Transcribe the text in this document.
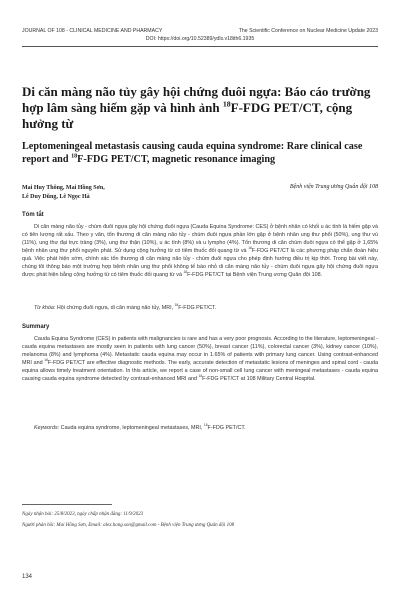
JOURNAL OF 108 - CLINICAL MEDICINE AND PHARMACY	The Scientific Conference on Nuclear Medicine Update 2023
DOI: https://doi.org/10.52389/ydls.v18ith6.1935
Di căn màng não tủy gây hội chứng đuôi ngựa: Báo cáo trường hợp lâm sàng hiếm gặp và hình ảnh $^{18}$F-FDG PET/CT, cộng hưởng từ
Leptomeningeal metastasis causing cauda equina syndrome: Rare clinical case report and $^{18}$F-FDG PET/CT, magnetic resonance imaging
Mai Huy Thông, Mai Hồng Sơn,
Lê Duy Dũng, Lê Ngọc Hà
Bệnh viện Trung ương Quân đội 108
Tóm tắt
Di căn màng não tủy - chùm đuôi ngựa gây hội chứng đuôi ngựa (Cauda Equina Syndrome: CES) ở bệnh nhân có khối u ác tính là hiếm gặp và có tiên lượng rất xấu. Theo y văn, tổn thương di căn màng não tủy - chùm đuôi ngựa phần lớn gặp ở bệnh nhân ung thư phổi (50%), ung thư vú (11%), ung thư đại trực tràng (3%), ung thư thận (10%), u ác tính (8%) và u lympho (4%). Tổn thương di căn chùm đuôi ngựa có thể gặp ở 1,65% bệnh nhân ung thư phổi nguyên phát. Sử dụng cộng hưởng từ có tiêm thuốc đối quang từ và $^{18}$F-FDG PET/CT là các phương pháp chẩn đoán hiệu quả. Việc phát hiện sớm, chính xác tổn thương di căn màng não tủy - chùm đuôi ngựa cho phép định hướng điều trị kịp thời. Trong bài viết này, chúng tôi thông báo một trường hợp bệnh nhân ung thư phổi không tế bào nhỏ di căn màng não tủy - chùm đuôi ngựa gây hội chứng đuôi ngựa được phát hiện bằng cộng hưởng từ có tiêm thuốc đối quang từ và $^{18}$F-FDG PET/CT tại Bệnh viện Trung ương Quân đội 108.
Từ khóa: Hội chứng đuôi ngựa, di căn màng não tủy, MRI, $^{18}$F-FDG PET/CT.
Summary
Cauda Equina Syndrome (CES) in patients with malignancies is rare and has a very poor prognosis. According to the literature, leptomeningeal - cauda equina metastases are mostly seen in patients with lung cancer (50%), breast cancer (11%), colorectal cancer (3%), kidney cancer (10%), melanoma (8%) and lymphoma (4%). Metastatic cauda equina may occur in 1.65% of patients with primary lung cancer. Using contrast-enhanced MRI and $^{18}$F-FDG PET/CT are effective diagnostic methods. The early, accurate detection of metastatic lesions of meninges and spinal cord - cauda equina allows timely treatment orientation. In this article, we report a case of non-small cell lung cancer with meningeal metastases - cauda equina causing cauda equina syndrome detected by contrast-enhanced MRI and $^{18}$F-FDG PET/CT at 108 Military Central Hospital.
Keywords: Cauda equina syndrome, leptomeningeal metastases, MRI, $^{18}$F-FDG PET/CT.
Ngày nhận bài: 25/8/2023, ngày chấp nhận đăng: 11/9/2023
Người phản hồi: Mai Hồng Sơn, Email: alex.hong.son@gmail.com - Bệnh viện Trung ương Quân đội 108
134
